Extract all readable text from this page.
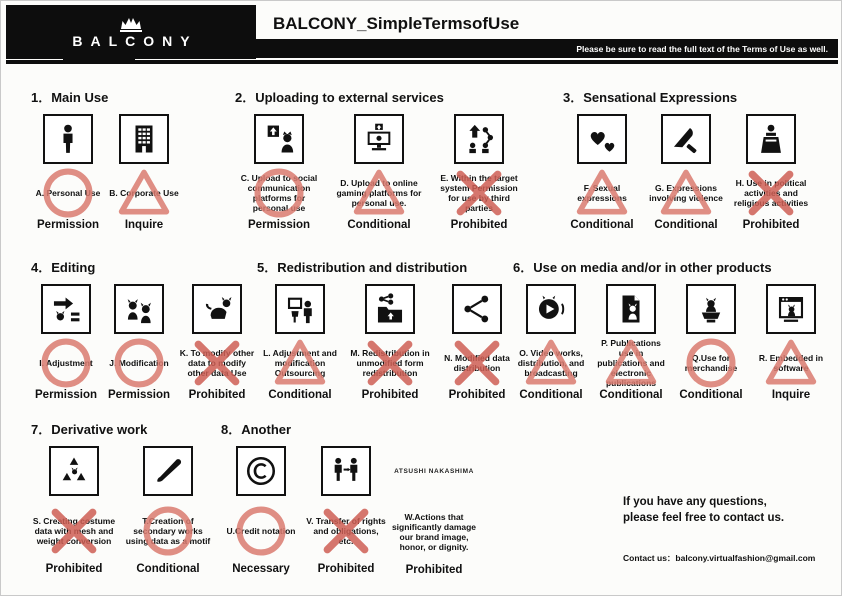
BALCONY
BALCONY_SimpleTermsofUse
Please be sure to read the full text of the Terms of Use as well.
1．Main Use
A. Personal Use
Permission
B. Corporate Use
Inquire
2．Uploading to external services
C. Upload to social communication platforms for personal use
Permission
D. Upload to online gaming platforms for personal use.
Conditional
E. Within the target system Permission for use by third parties
Prohibited
3．Sensational Expressions
F. Sexual expressions
Conditional
G. Expressions involving violence
Conditional
H. Use in political activities and religious activities
Prohibited
4．Editing
I. Adjustment
Permission
J. Modification
Permission
K. To modify other data to modify other data Use
Prohibited
5．Redistribution and distribution
L. Adjustment and modification Outsourcing
Conditional
M. Redistribution in unmodified form redistribution
Prohibited
N. Modified data distribution
Prohibited
6．Use on media and/or in other products
O. Video works, distribution, and broadcasting
Conditional
P. Publications use in publications and electronic publications
Conditional
Q.Use for merchandise
Conditional
R. Embedded in software
Inquire
7．Derivative work
S. Creating costume data with mesh and weight conversion
Prohibited
T.Creation of secondary works using data as a motif
Conditional
8．Another
U.Credit notation
Necessary
V. Transfer of rights and obligations, etc.
Prohibited
ATSUSHI NAKASHIMA
W.Actions that significantly damage our brand image, honor, or dignity.
Prohibited
If you have any questions,
please feel free to contact us.
Contact us：balcony.virtualfashion@gmail.com
